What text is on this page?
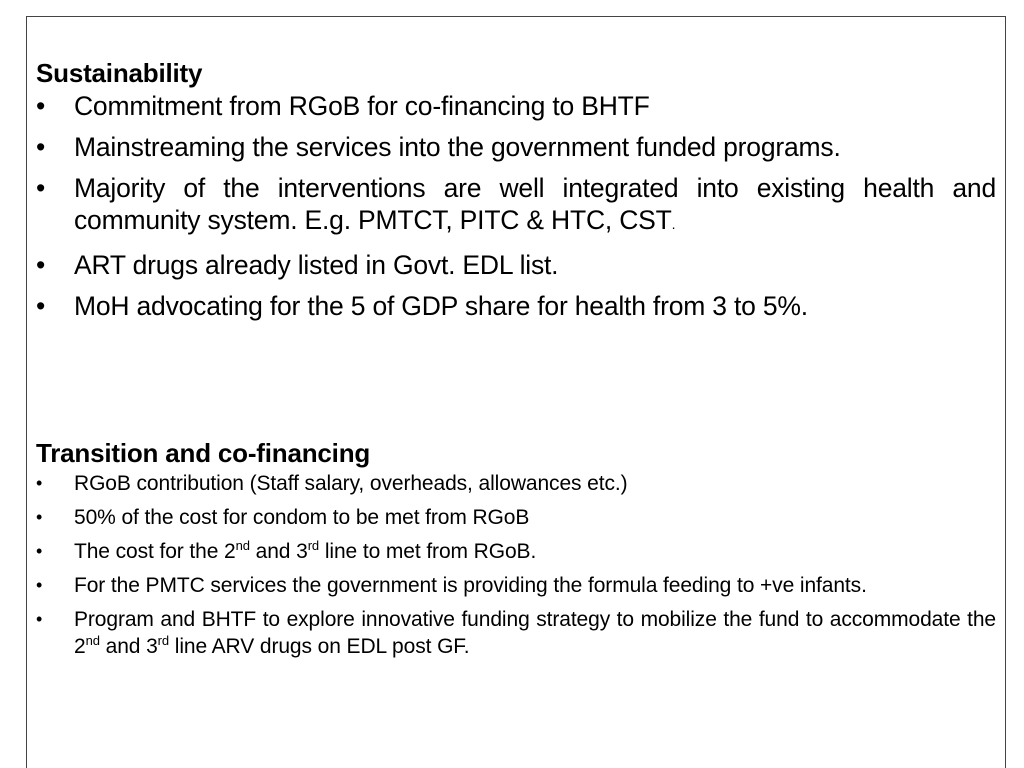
Sustainability

• Commitment from RGoB for co-financing to BHTF
• Mainstreaming the services into the government funded programs.
• Majority of the interventions are well integrated into existing health and community system. E.g. PMTCT, PITC & HTC, CST.
• ART drugs already listed in Govt. EDL list.
• MoH advocating for the 5 of GDP share for health from 3 to 5%.

Transition and co-financing

• RGoB contribution (Staff salary, overheads, allowances etc.)
• 50% of the cost for condom to be met from RGoB
• The cost for the 2nd and 3rd line to met from RGoB.
• For the PMTC services the government is providing the formula feeding to +ve infants.
• Program and BHTF to explore innovative funding strategy to mobilize the fund to accommodate the 2nd and 3rd line ARV drugs on EDL post GF.
